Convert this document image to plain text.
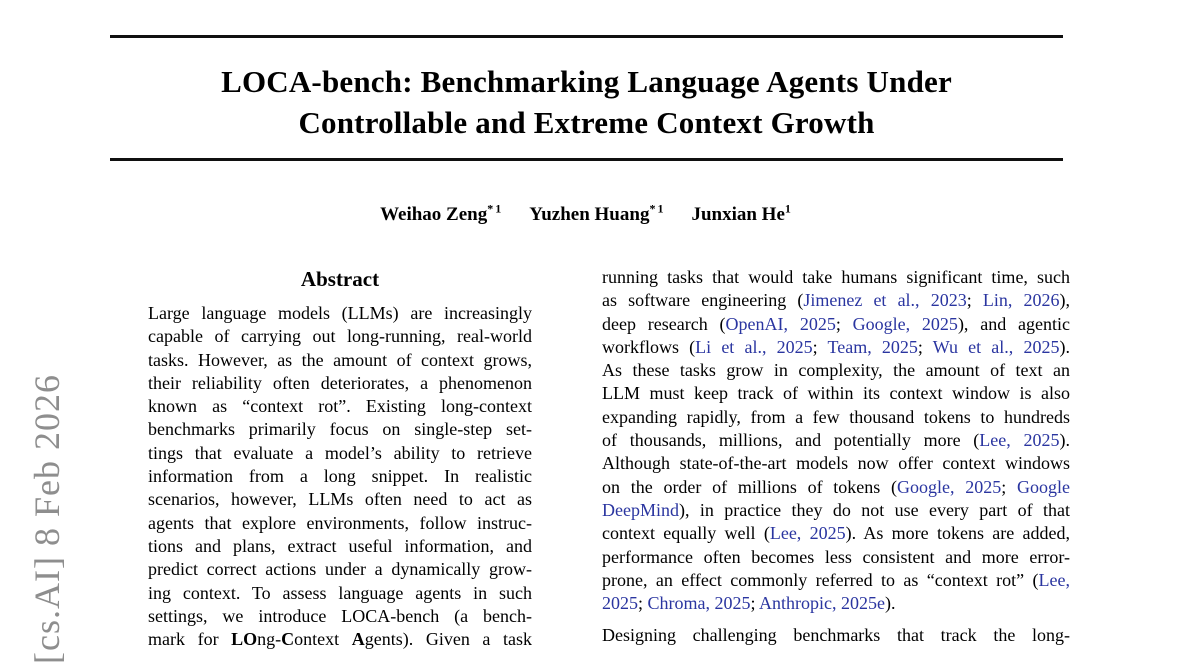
[cs.AI] 8 Feb 2026
LOCA-bench: Benchmarking Language Agents Under
Controllable and Extreme Context Growth
Weihao Zeng$^{*1}$ Yuzhen Huang$^{*1}$ Junxian He$^1$
Abstract
Large language models (LLMs) are increasingly
capable of carrying out long-running, real-world
tasks. However, as the amount of context grows,
their reliability often deteriorates, a phenomenon
known as “context rot”. Existing long-context
benchmarks primarily focus on single-step set-
tings that evaluate a model’s ability to retrieve
information from a long snippet. In realistic
scenarios, however, LLMs often need to act as
agents that explore environments, follow instruc-
tions and plans, extract useful information, and
predict correct actions under a dynamically grow-
ing context. To assess language agents in such
settings, we introduce LOCA-bench (a bench-
mark for LOng-Context Agents). Given a task
running tasks that would take humans significant time, such
as software engineering (Jimenez et al., 2023; Lin, 2026),
deep research (OpenAI, 2025; Google, 2025), and agentic
workflows (Li et al., 2025; Team, 2025; Wu et al., 2025).
As these tasks grow in complexity, the amount of text an
LLM must keep track of within its context window is also
expanding rapidly, from a few thousand tokens to hundreds
of thousands, millions, and potentially more (Lee, 2025).
Although state-of-the-art models now offer context windows
on the order of millions of tokens (Google, 2025; Google
DeepMind), in practice they do not use every part of that
context equally well (Lee, 2025). As more tokens are added,
performance often becomes less consistent and more error-
prone, an effect commonly referred to as “context rot” (Lee,
2025; Chroma, 2025; Anthropic, 2025e).
Designing challenging benchmarks that track the long-
